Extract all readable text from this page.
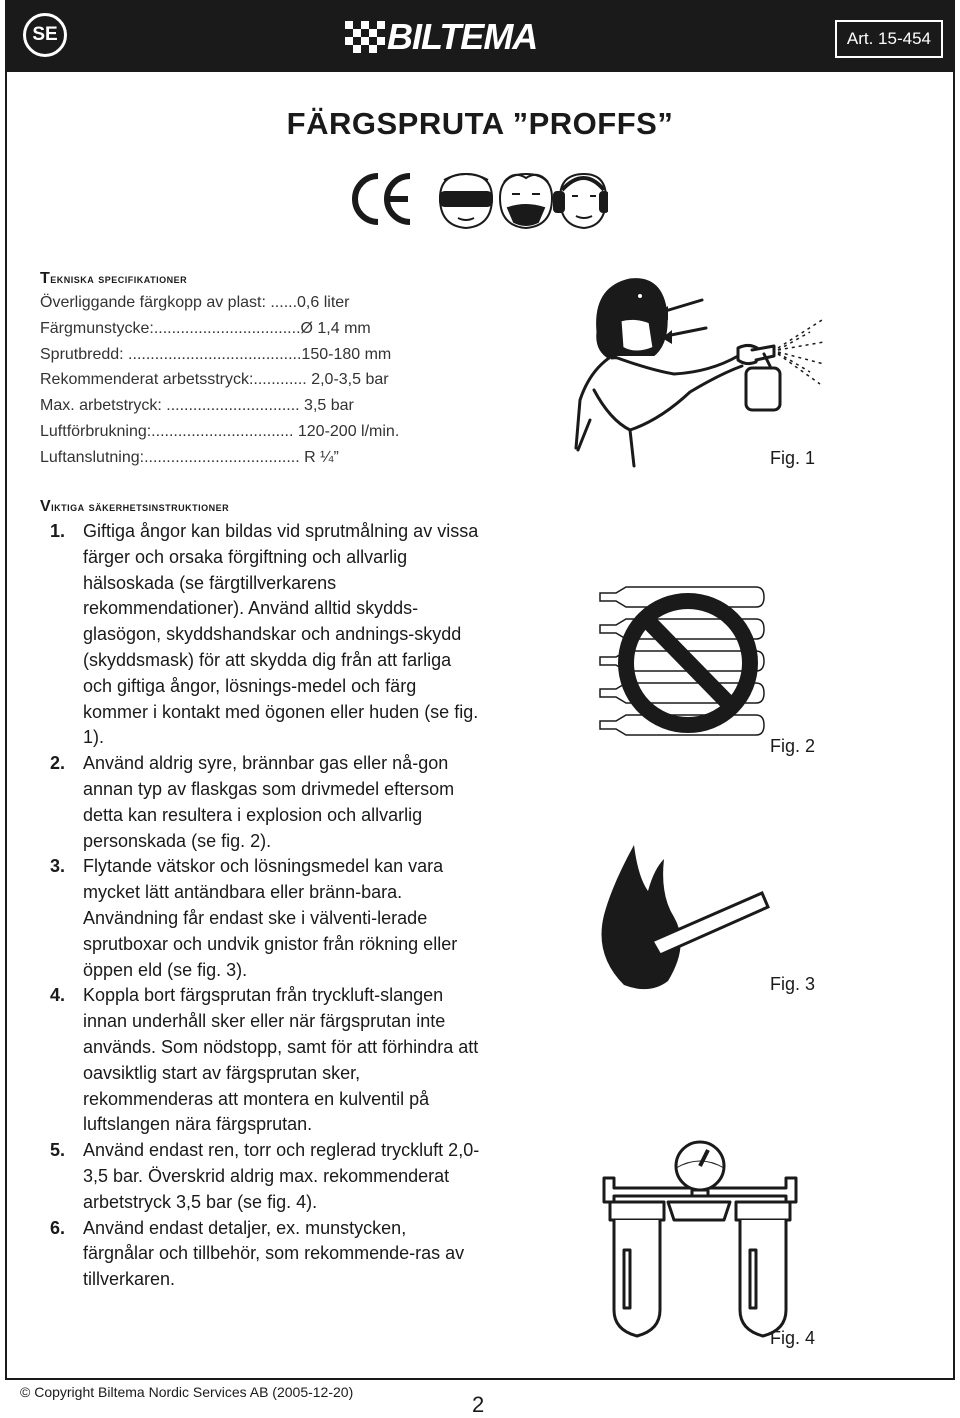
SE	BILTEMA	Art. 15-454
FÄRGSPRUTA ”PROFFS”
Tekniska specifikationer
Överliggande färgkopp av plast: ......0,6 liter
Färgmunstycke:.................................Ø 1,4 mm
Sprutbredd: .......................................150-180 mm
Rekommenderat arbetsstryck:............ 2,0-3,5 bar
Max. arbetstryck: .............................. 3,5 bar
Luftförbrukning:................................ 120-200 l/min.
Luftanslutning:................................... R ¼”
Viktiga säkerhetsinstruktioner
1. Giftiga ångor kan bildas vid sprutmålning av vissa färger och orsaka förgiftning och allvarlig hälsoskada (se färgtillverkarens rekommendationer). Använd alltid skydds-glasögon, skyddshandskar och andnings-skydd (skyddsmask) för att skydda dig från att farliga och giftiga ångor, lösnings-medel och färg kommer i kontakt med ögonen eller huden (se fig. 1).
2. Använd aldrig syre, brännbar gas eller nå-gon annan typ av flaskgas som drivmedel eftersom detta kan resultera i explosion och allvarlig personskada (se fig. 2).
3. Flytande vätskor och lösningsmedel kan vara mycket lätt antändbara eller bränn-bara. Användning får endast ske i välventi-lerade sprutboxar och undvik gnistor från rökning eller öppen eld (se fig. 3).
4. Koppla bort färgsprutan från tryckluft-slangen innan underhåll sker eller när färgsprutan inte används. Som nödstopp, samt för att förhindra att oavsiktlig start av färgsprutan sker, rekommenderas att montera en kulventil på luftslangen nära färgsprutan.
5. Använd endast ren, torr och reglerad tryckluft 2,0-3,5 bar. Överskrid aldrig max. rekommenderat arbetstryck 3,5 bar (se fig. 4).
6. Använd endast detaljer, ex. munstycken, färgnålar och tillbehör, som rekommende-ras av tillverkaren.
Fig. 1
Fig. 2
Fig. 3
Fig. 4
© Copyright Biltema Nordic Services AB (2005-12-20)	2
